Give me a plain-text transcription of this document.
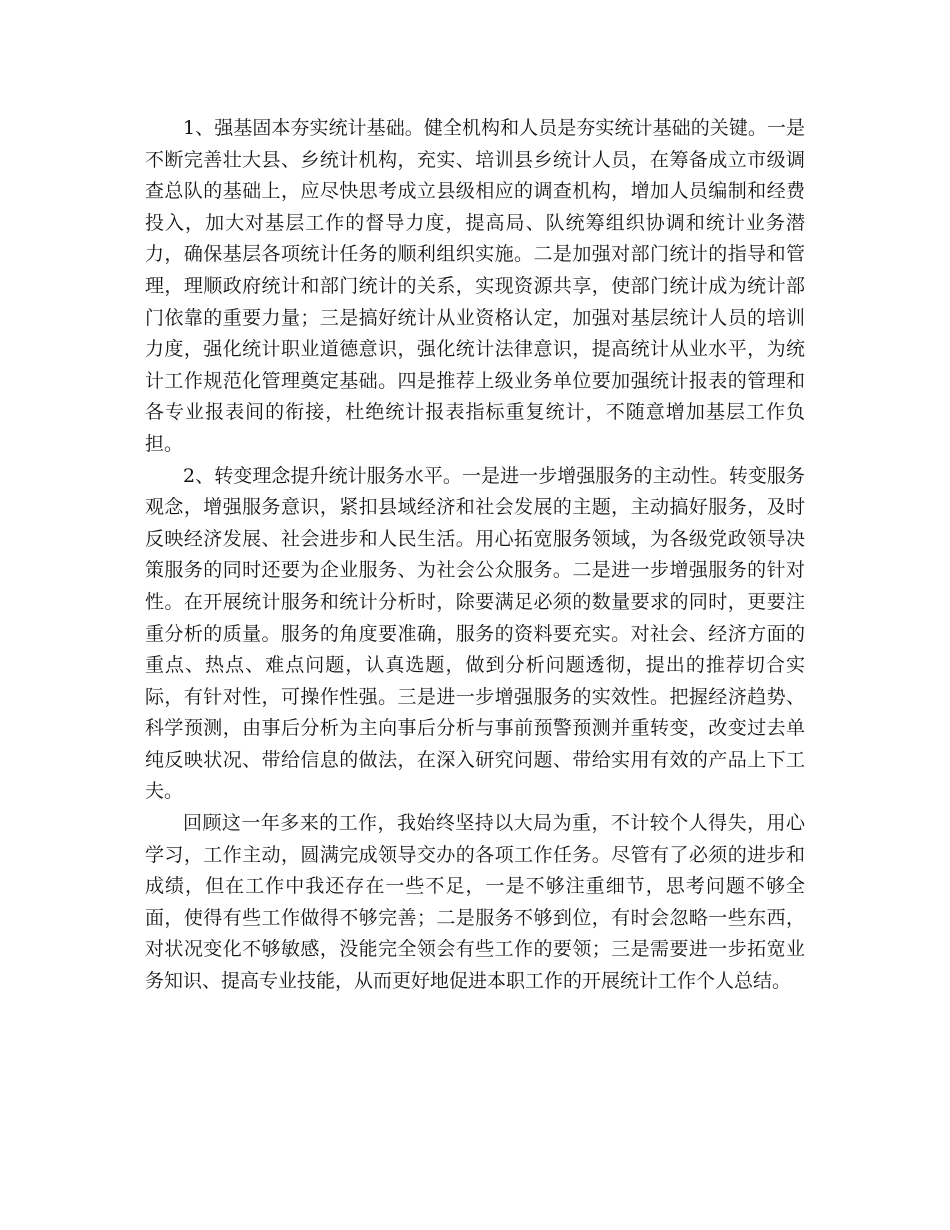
1、强基固本夯实统计基础。健全机构和人员是夯实统计基础的关键。一是不断完善壮大县、乡统计机构，充实、培训县乡统计人员，在筹备成立市级调查总队的基础上，应尽快思考成立县级相应的调查机构，增加人员编制和经费投入，加大对基层工作的督导力度，提高局、队统筹组织协调和统计业务潜力，确保基层各项统计任务的顺利组织实施。二是加强对部门统计的指导和管理，理顺政府统计和部门统计的关系，实现资源共享，使部门统计成为统计部门依靠的重要力量；三是搞好统计从业资格认定，加强对基层统计人员的培训力度，强化统计职业道德意识，强化统计法律意识，提高统计从业水平，为统计工作规范化管理奠定基础。四是推荐上级业务单位要加强统计报表的管理和各专业报表间的衔接，杜绝统计报表指标重复统计，不随意增加基层工作负担。

2、转变理念提升统计服务水平。一是进一步增强服务的主动性。转变服务观念，增强服务意识，紧扣县域经济和社会发展的主题，主动搞好服务，及时反映经济发展、社会进步和人民生活。用心拓宽服务领域，为各级党政领导决策服务的同时还要为企业服务、为社会公众服务。二是进一步增强服务的针对性。在开展统计服务和统计分析时，除要满足必须的数量要求的同时，更要注重分析的质量。服务的角度要准确，服务的资料要充实。对社会、经济方面的重点、热点、难点问题，认真选题，做到分析问题透彻，提出的推荐切合实际，有针对性，可操作性强。三是进一步增强服务的实效性。把握经济趋势、科学预测，由事后分析为主向事后分析与事前预警预测并重转变，改变过去单纯反映状况、带给信息的做法，在深入研究问题、带给实用有效的产品上下工夫。

回顾这一年多来的工作，我始终坚持以大局为重，不计较个人得失，用心学习，工作主动，圆满完成领导交办的各项工作任务。尽管有了必须的进步和成绩，但在工作中我还存在一些不足，一是不够注重细节，思考问题不够全面，使得有些工作做得不够完善；二是服务不够到位，有时会忽略一些东西，对状况变化不够敏感，没能完全领会有些工作的要领；三是需要进一步拓宽业务知识、提高专业技能，从而更好地促进本职工作的开展统计工作个人总结。
